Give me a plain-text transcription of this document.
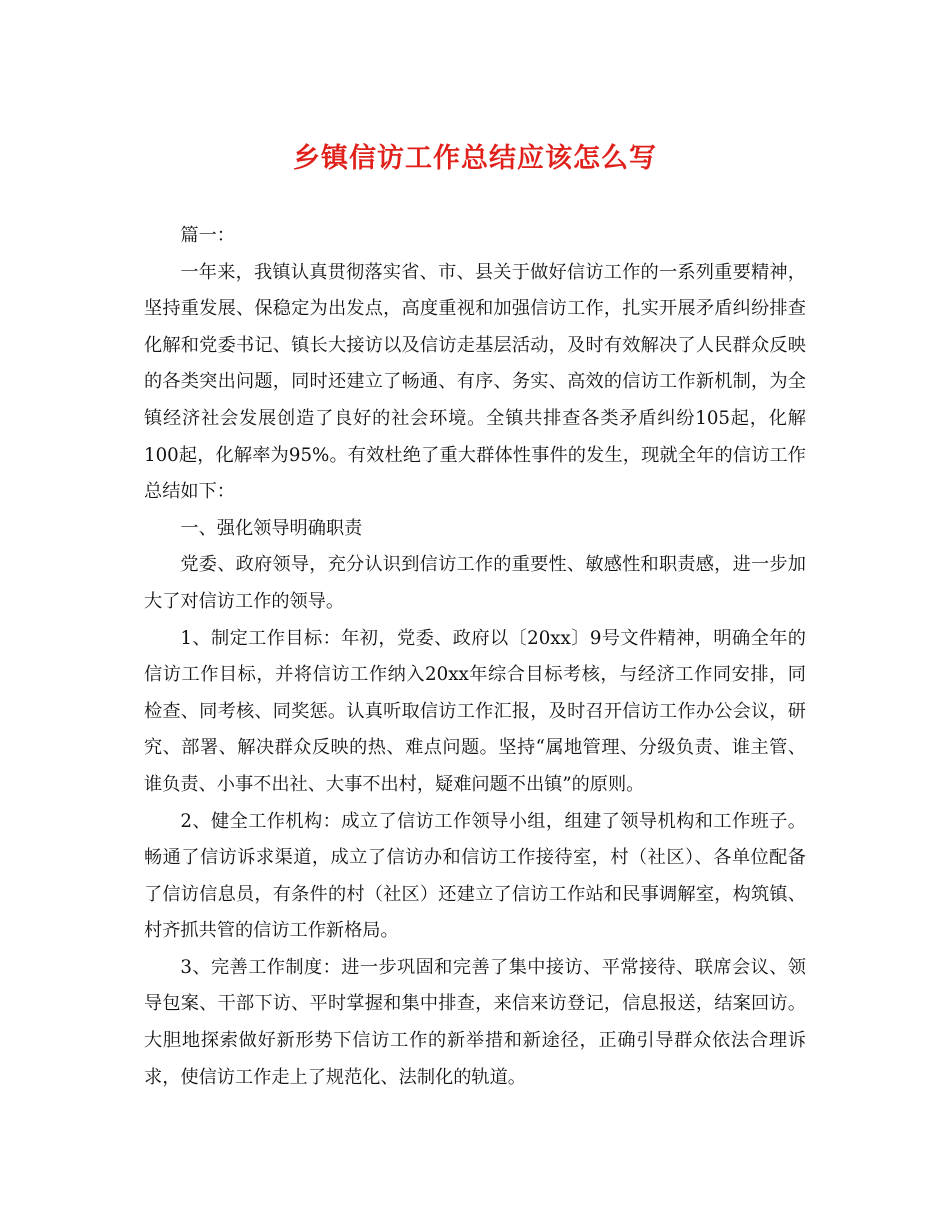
乡镇信访工作总结应该怎么写

篇一：

一年来，我镇认真贯彻落实省、市、县关于做好信访工作的一系列重要精神，坚持重发展、保稳定为出发点，高度重视和加强信访工作，扎实开展矛盾纠纷排查化解和党委书记、镇长大接访以及信访走基层活动，及时有效解决了人民群众反映的各类突出问题，同时还建立了畅通、有序、务实、高效的信访工作新机制，为全镇经济社会发展创造了良好的社会环境。全镇共排查各类矛盾纠纷105起，化解100起，化解率为95%。有效杜绝了重大群体性事件的发生，现就全年的信访工作总结如下：

一、强化领导明确职责

党委、政府领导，充分认识到信访工作的重要性、敏感性和职责感，进一步加大了对信访工作的领导。

1、制定工作目标：年初，党委、政府以〔20xx〕9号文件精神，明确全年的信访工作目标，并将信访工作纳入20xx年综合目标考核，与经济工作同安排，同检查、同考核、同奖惩。认真听取信访工作汇报，及时召开信访工作办公会议，研究、部署、解决群众反映的热、难点问题。坚持“属地管理、分级负责、谁主管、谁负责、小事不出社、大事不出村，疑难问题不出镇”的原则。

2、健全工作机构：成立了信访工作领导小组，组建了领导机构和工作班子。畅通了信访诉求渠道，成立了信访办和信访工作接待室，村（社区）、各单位配备了信访信息员，有条件的村（社区）还建立了信访工作站和民事调解室，构筑镇、村齐抓共管的信访工作新格局。

3、完善工作制度：进一步巩固和完善了集中接访、平常接待、联席会议、领导包案、干部下访、平时掌握和集中排查，来信来访登记，信息报送，结案回访。大胆地探索做好新形势下信访工作的新举措和新途径，正确引导群众依法合理诉求，使信访工作走上了规范化、法制化的轨道。
